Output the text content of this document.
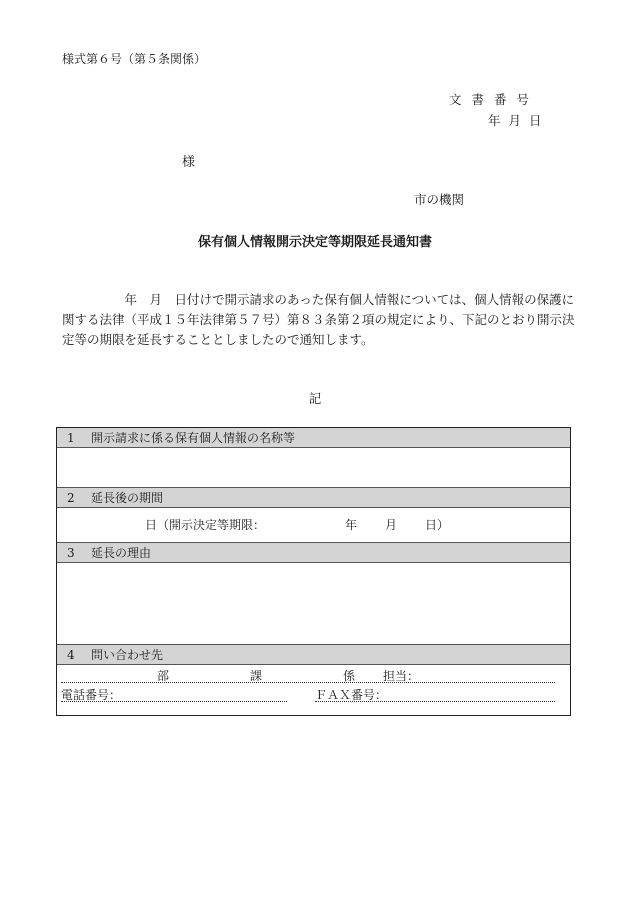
様式第６号（第５条関係）
文書番号
年月日
様
市の機関
保有個人情報開示決定等期限延長通知書
　　　　　年　月　日付けで開示請求のあった保有個人情報については、個人情報の保護に関する法律（平成１５年法律第５７号）第８３条第２項の規定により、下記のとおり開示決定等の期限を延長することとしましたので通知します。
記
1 開示請求に係る保有個人情報の名称等
2 延長後の期間
日（開示決定等期限：	年 月 日）
3 延長の理由
4 問い合わせ先
部	課	係 担当：
電話番号：	ＦＡＸ番号：
